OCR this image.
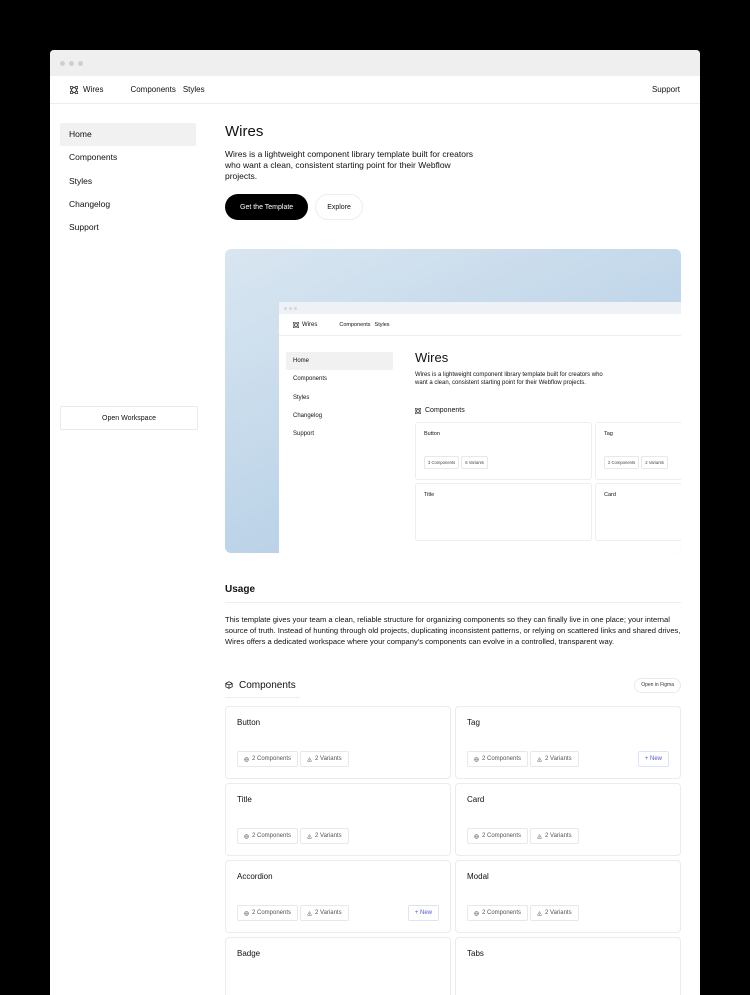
Wires	Components Styles	Support
Home
Components
Styles
Changelog
Support
Open Workspace
Wires

Wires is a lightweight component library template built for creators who want a clean, consistent starting point for their Webflow projects.

Get the Template	Explore
Wires	Components Styles
Home
Components
Styles
Changelog
Support
Wires
Wires is a lightweight component library template built for creators who want a clean, consistent starting point for their Webflow projects.
Components
Button
3 Components	6 Variants
Tag
2 Components	2 Variants
Title	Card
Usage

This template gives your team a clean, reliable structure for organizing components so they can finally live in one place; your internal source of truth. Instead of hunting through old projects, duplicating inconsistent patterns, or relying on scattered links and shared drives, Wires offers a dedicated workspace where your company's components can evolve in a controlled, transparent way.

Components	Open in Figma
Button
2 Components	2 Variants
Tag
2 Components	2 Variants	+ New
Title
2 Components	2 Variants
Card
2 Components	2 Variants
Accordion
2 Components	2 Variants	+ New
Modal
2 Components	2 Variants
Badge	Tabs
